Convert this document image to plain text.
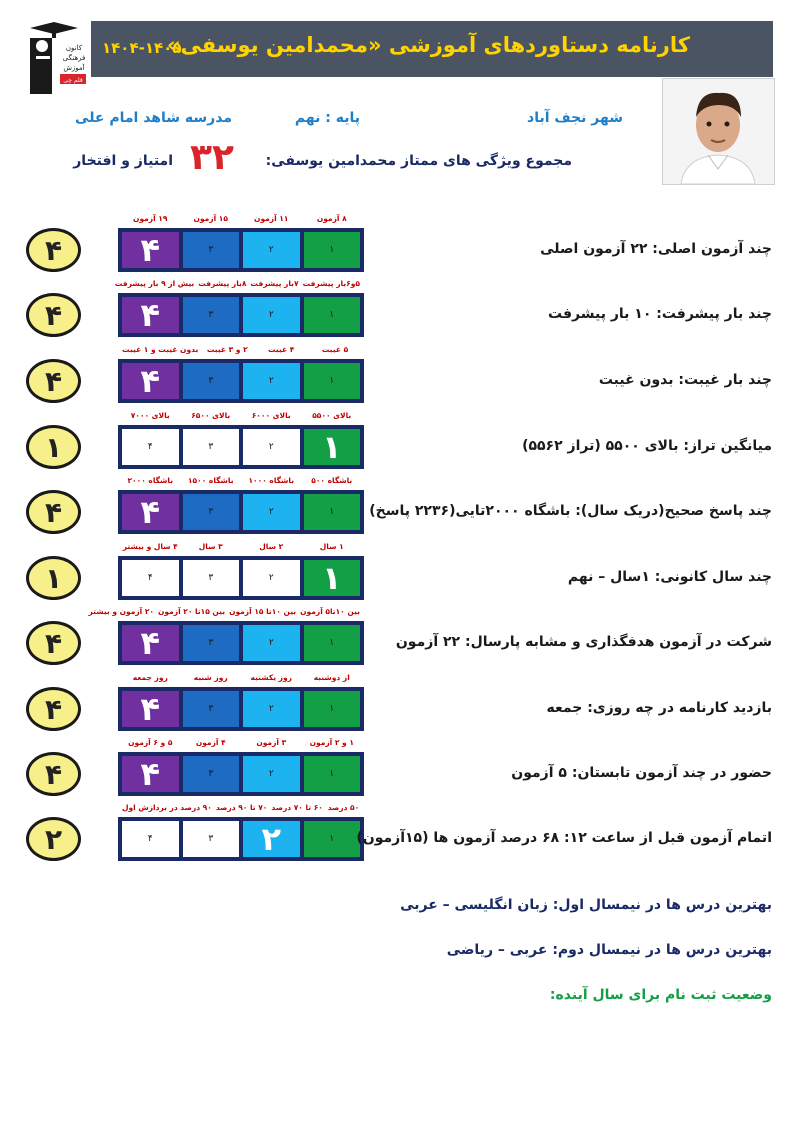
کارنامه دستاوردهای آموزشی «محمدامین یوسفی»
۱۴۰۴-۱۴۰۵
کانون
فرهنگی
آموزش
قلم چی
شهر نجف آباد
پایه : نهم
مدرسه شاهد امام علی
مجموع ویژگی های ممتاز محمدامین یوسفی:
۳۲
امتیاز و افتخار
۸ آزمون
۱۱ آزمون
۱۵ آزمون
۱۹ آزمون
۱
۲
۳
۴
۴	چند آزمون اصلی: ۲۲ آزمون اصلی
۵و۶بار پیشرفت
۷بار پیشرفت
۸بار پیشرفت
بیش از ۹ بار پیشرفت
۱
۲
۳
۴
۴	چند بار پیشرفت: ۱۰ بار پیشرفت
۵ غیبت
۴ غیبت
۲ و ۳ غیبت
بدون غیبت و ۱ غیبت
۱
۲
۳
۴
۴	چند بار غیبت: بدون غیبت
بالای ۵۵۰۰
بالای ۶۰۰۰
بالای ۶۵۰۰
بالای ۷۰۰۰
۱
۲
۳
۴
۱	میانگین تراز: بالای ۵۵۰۰ (تراز ۵۵۶۲)
باشگاه ۵۰۰
باشگاه ۱۰۰۰
باشگاه ۱۵۰۰
باشگاه ۲۰۰۰
۱
۲
۳
۴
۴	چند پاسخ صحیح(دریک سال): باشگاه ۲۰۰۰تایی(۲۲۳۶ پاسخ)
۱ سال
۲ سال
۳ سال
۴ سال و بیشتر
۱
۲
۳
۴
۱	چند سال کانونی: ۱سال – نهم
بین ۱۰تا۵ آزمون
بین ۱۰تا ۱۵ آزمون
بین ۱۵تا ۲۰ آزمون
۲۰ آزمون و بیشتر
۱
۲
۳
۴
۴	شرکت در آزمون هدفگذاری و مشابه پارسال: ۲۲ آزمون
از دوشنبه
روز یکشنبه
روز شنبه
روز جمعه
۱
۲
۳
۴
۴	بازدید کارنامه در چه روزی: جمعه
۱ و ۲ آزمون
۳ آزمون
۴ آزمون
۵ و ۶ آزمون
۱
۲
۳
۴
۴	حضور در چند آزمون تابستان: ۵ آزمون
۵۰ درصد
۶۰ تا ۷۰ درصد
۷۰ تا ۹۰ درصد
۹۰ درصد در بردازش اول
۱
۲
۳
۴
۲	اتمام آزمون قبل از ساعت ۱۲: ۶۸ درصد آزمون ها (۱۵آزمون)
بهترین درس ها در نیمسال اول: زبان انگلیسی – عربی
بهترین درس ها در نیمسال دوم: عربی – ریاضی
وضعیت ثبت نام برای سال آینده:
